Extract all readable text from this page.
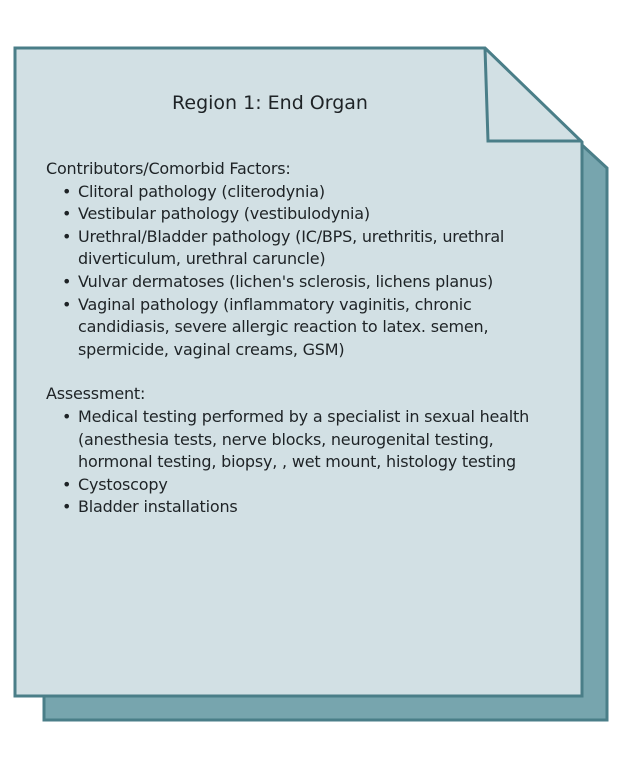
Region 1: End Organ
Contributors/Comorbid Factors:
• Clitoral pathology (cliterodynia)
• Vestibular pathology (vestibulodynia)
• Urethral/Bladder pathology (IC/BPS, urethritis, urethral diverticulum, urethral caruncle)
• Vulvar dermatoses (lichen's sclerosis, lichens planus)
• Vaginal pathology (inflammatory vaginitis, chronic candidiasis, severe allergic reaction to latex. semen, spermicide, vaginal creams, GSM)
Assessment:
• Medical testing performed by a specialist in sexual health (anesthesia tests, nerve blocks, neurogenital testing, hormonal testing, biopsy, , wet mount, histology testing
• Cystoscopy
• Bladder installations
